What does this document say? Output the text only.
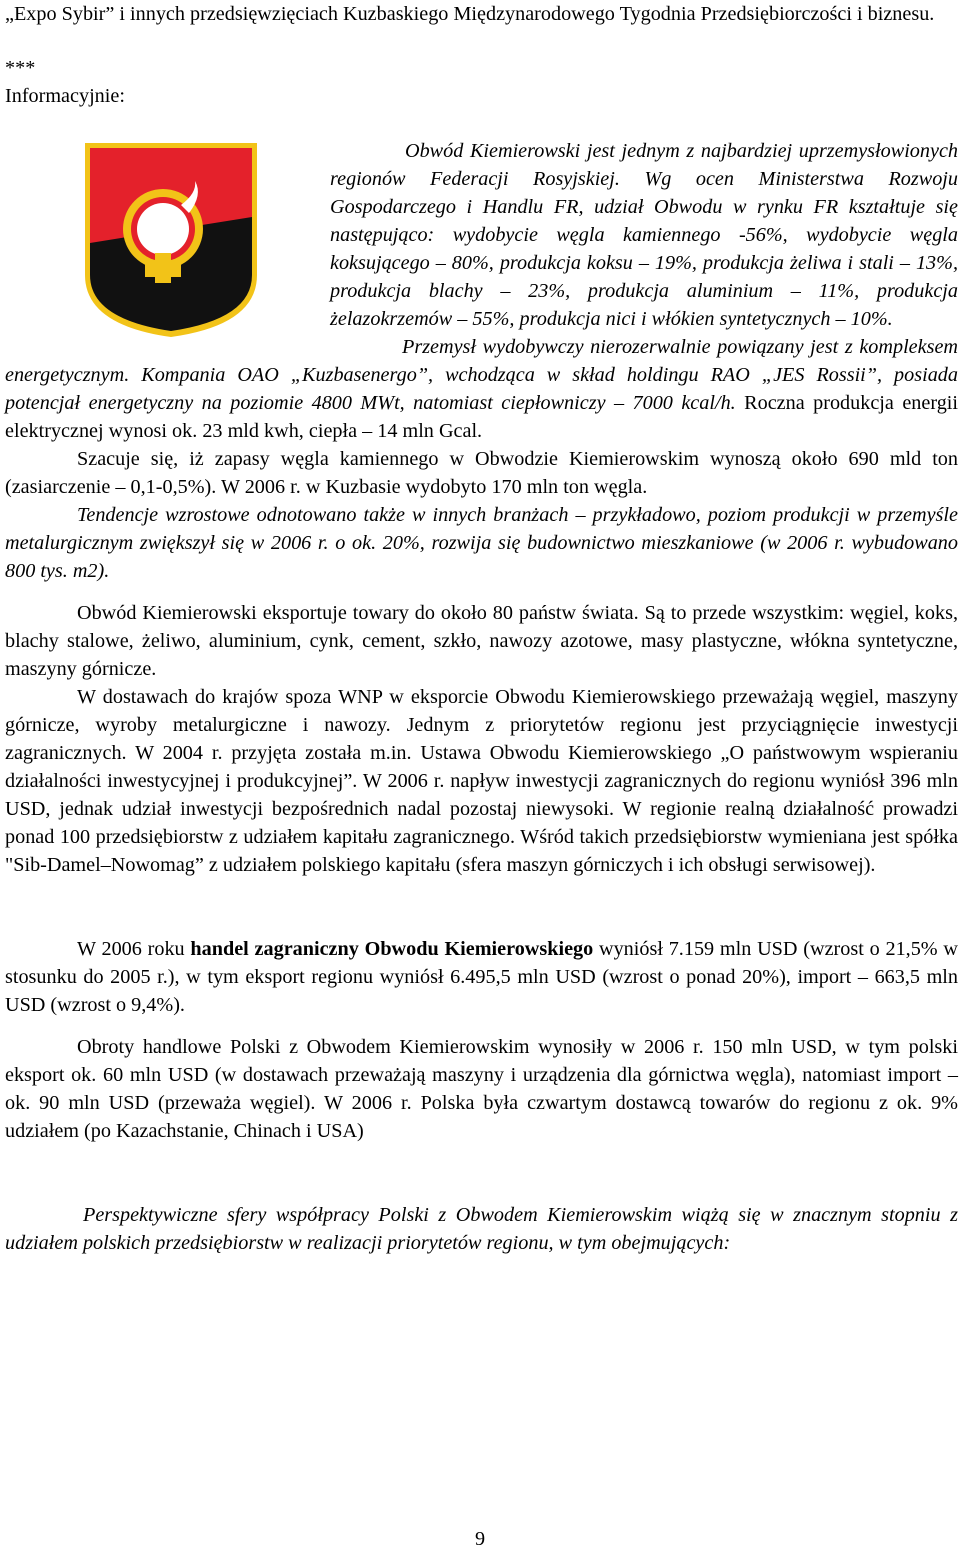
„Expo Sybir” i innych przedsięwzięciach Kuzbaskiego Międzynarodowego Tygodnia Przedsiębiorczości i biznesu.

***

Informacyjnie:

Obwód Kiemierowski jest jednym z najbardziej uprzemysłowionych regionów Federacji Rosyjskiej. Wg ocen Ministerstwa Rozwoju Gospodarczego i Handlu FR, udział Obwodu w rynku FR kształtuje się następująco: wydobycie węgla kamiennego -56%, wydobycie węgla koksującego – 80%, produkcja koksu – 19%, produkcja żeliwa i stali – 13%, produkcja blachy – 23%, produkcja aluminium – 11%, produkcja żelazokrzemów – 55%, produkcja nici i włókien syntetycznych – 10%.

Przemysł wydobywczy nierozerwalnie powiązany jest z kompleksem energetycznym. Kompania OAO „Kuzbasenergo”, wchodząca w skład holdingu RAO „JES Rossii”, posiada potencjał energetyczny na poziomie 4800 MWt, natomiast ciepłowniczy – 7000 kcal/h. Roczna produkcja energii elektrycznej wynosi ok. 23 mld kwh, ciepła – 14 mln Gcal.

Szacuje się, iż zapasy węgla kamiennego w Obwodzie Kiemierowskim wynoszą około 690 mld ton (zasiarczenie – 0,1-0,5%). W 2006 r. w Kuzbasie wydobyto 170 mln ton węgla.

Tendencje wzrostowe odnotowano także w innych branżach – przykładowo, poziom produkcji w przemyśle metalurgicznym zwiększył się w 2006 r. o ok. 20%, rozwija się budownictwo mieszkaniowe (w 2006 r. wybudowano 800 tys. m2).

Obwód Kiemierowski eksportuje towary do około 80 państw świata. Są to przede wszystkim: węgiel, koks, blachy stalowe, żeliwo, aluminium, cynk, cement, szkło, nawozy azotowe, masy plastyczne, włókna syntetyczne, maszyny górnicze.

W dostawach do krajów spoza WNP w eksporcie Obwodu Kiemierowskiego przeważają węgiel, maszyny górnicze, wyroby metalurgiczne i nawozy. Jednym z priorytetów regionu jest przyciągnięcie inwestycji zagranicznych. W 2004 r. przyjęta została m.in. Ustawa Obwodu Kiemierowskiego „O państwowym wspieraniu działalności inwestycyjnej i produkcyjnej”. W 2006 r. napływ inwestycji zagranicznych do regionu wyniósł 396 mln USD, jednak udział inwestycji bezpośrednich nadal pozostaj niewysoki. W regionie realną działalność prowadzi ponad 100 przedsiębiorstw z udziałem kapitału zagranicznego. Wśród takich przedsiębiorstw wymieniana jest spółka "Sib-Damel–Nowomag” z udziałem polskiego kapitału (sfera maszyn górniczych i ich obsługi serwisowej).

W 2006 roku handel zagraniczny Obwodu Kiemierowskiego wyniósł 7.159 mln USD (wzrost o 21,5% w stosunku do 2005 r.), w tym eksport regionu wyniósł 6.495,5 mln USD (wzrost o ponad 20%), import – 663,5 mln USD (wzrost o 9,4%).

Obroty handlowe Polski z Obwodem Kiemierowskim wynosiły w 2006 r. 150 mln USD, w tym polski eksport ok. 60 mln USD (w dostawach przeważają maszyny i urządzenia dla górnictwa węgla), natomiast import – ok. 90 mln USD (przeważa węgiel). W 2006 r. Polska była czwartym dostawcą towarów do regionu z ok. 9% udziałem (po Kazachstanie, Chinach i USA)

Perspektywiczne sfery współpracy Polski z Obwodem Kiemierowskim wiążą się w znacznym stopniu z udziałem polskich przedsiębiorstw w realizacji priorytetów regionu, w tym obejmujących:

9
